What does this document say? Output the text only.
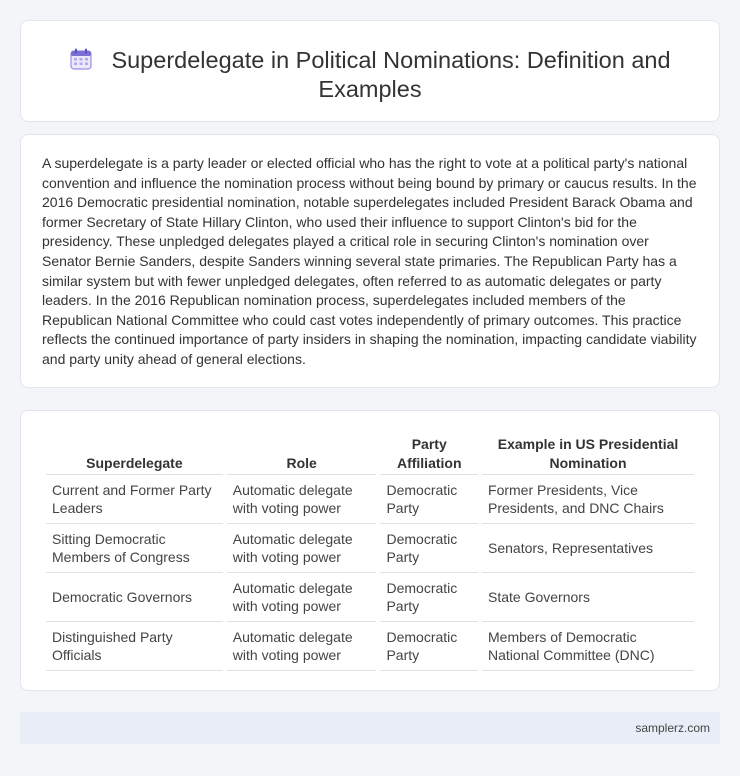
Superdelegate in Political Nominations: Definition and Examples

A superdelegate is a party leader or elected official who has the right to vote at a political party's national convention and influence the nomination process without being bound by primary or caucus results. In the 2016 Democratic presidential nomination, notable superdelegates included President Barack Obama and former Secretary of State Hillary Clinton, who used their influence to support Clinton's bid for the presidency. These unpledged delegates played a critical role in securing Clinton's nomination over Senator Bernie Sanders, despite Sanders winning several state primaries. The Republican Party has a similar system but with fewer unpledged delegates, often referred to as automatic delegates or party leaders. In the 2016 Republican nomination process, superdelegates included members of the Republican National Committee who could cast votes independently of primary outcomes. This practice reflects the continued importance of party insiders in shaping the nomination, impacting candidate viability and party unity ahead of general elections.

Superdelegate	Role	Party Affiliation	Example in US Presidential Nomination
Current and Former Party Leaders	Automatic delegate with voting power	Democratic Party	Former Presidents, Vice Presidents, and DNC Chairs
Sitting Democratic Members of Congress	Automatic delegate with voting power	Democratic Party	Senators, Representatives
Democratic Governors	Automatic delegate with voting power	Democratic Party	State Governors
Distinguished Party Officials	Automatic delegate with voting power	Democratic Party	Members of Democratic National Committee (DNC)
samplerz.com
